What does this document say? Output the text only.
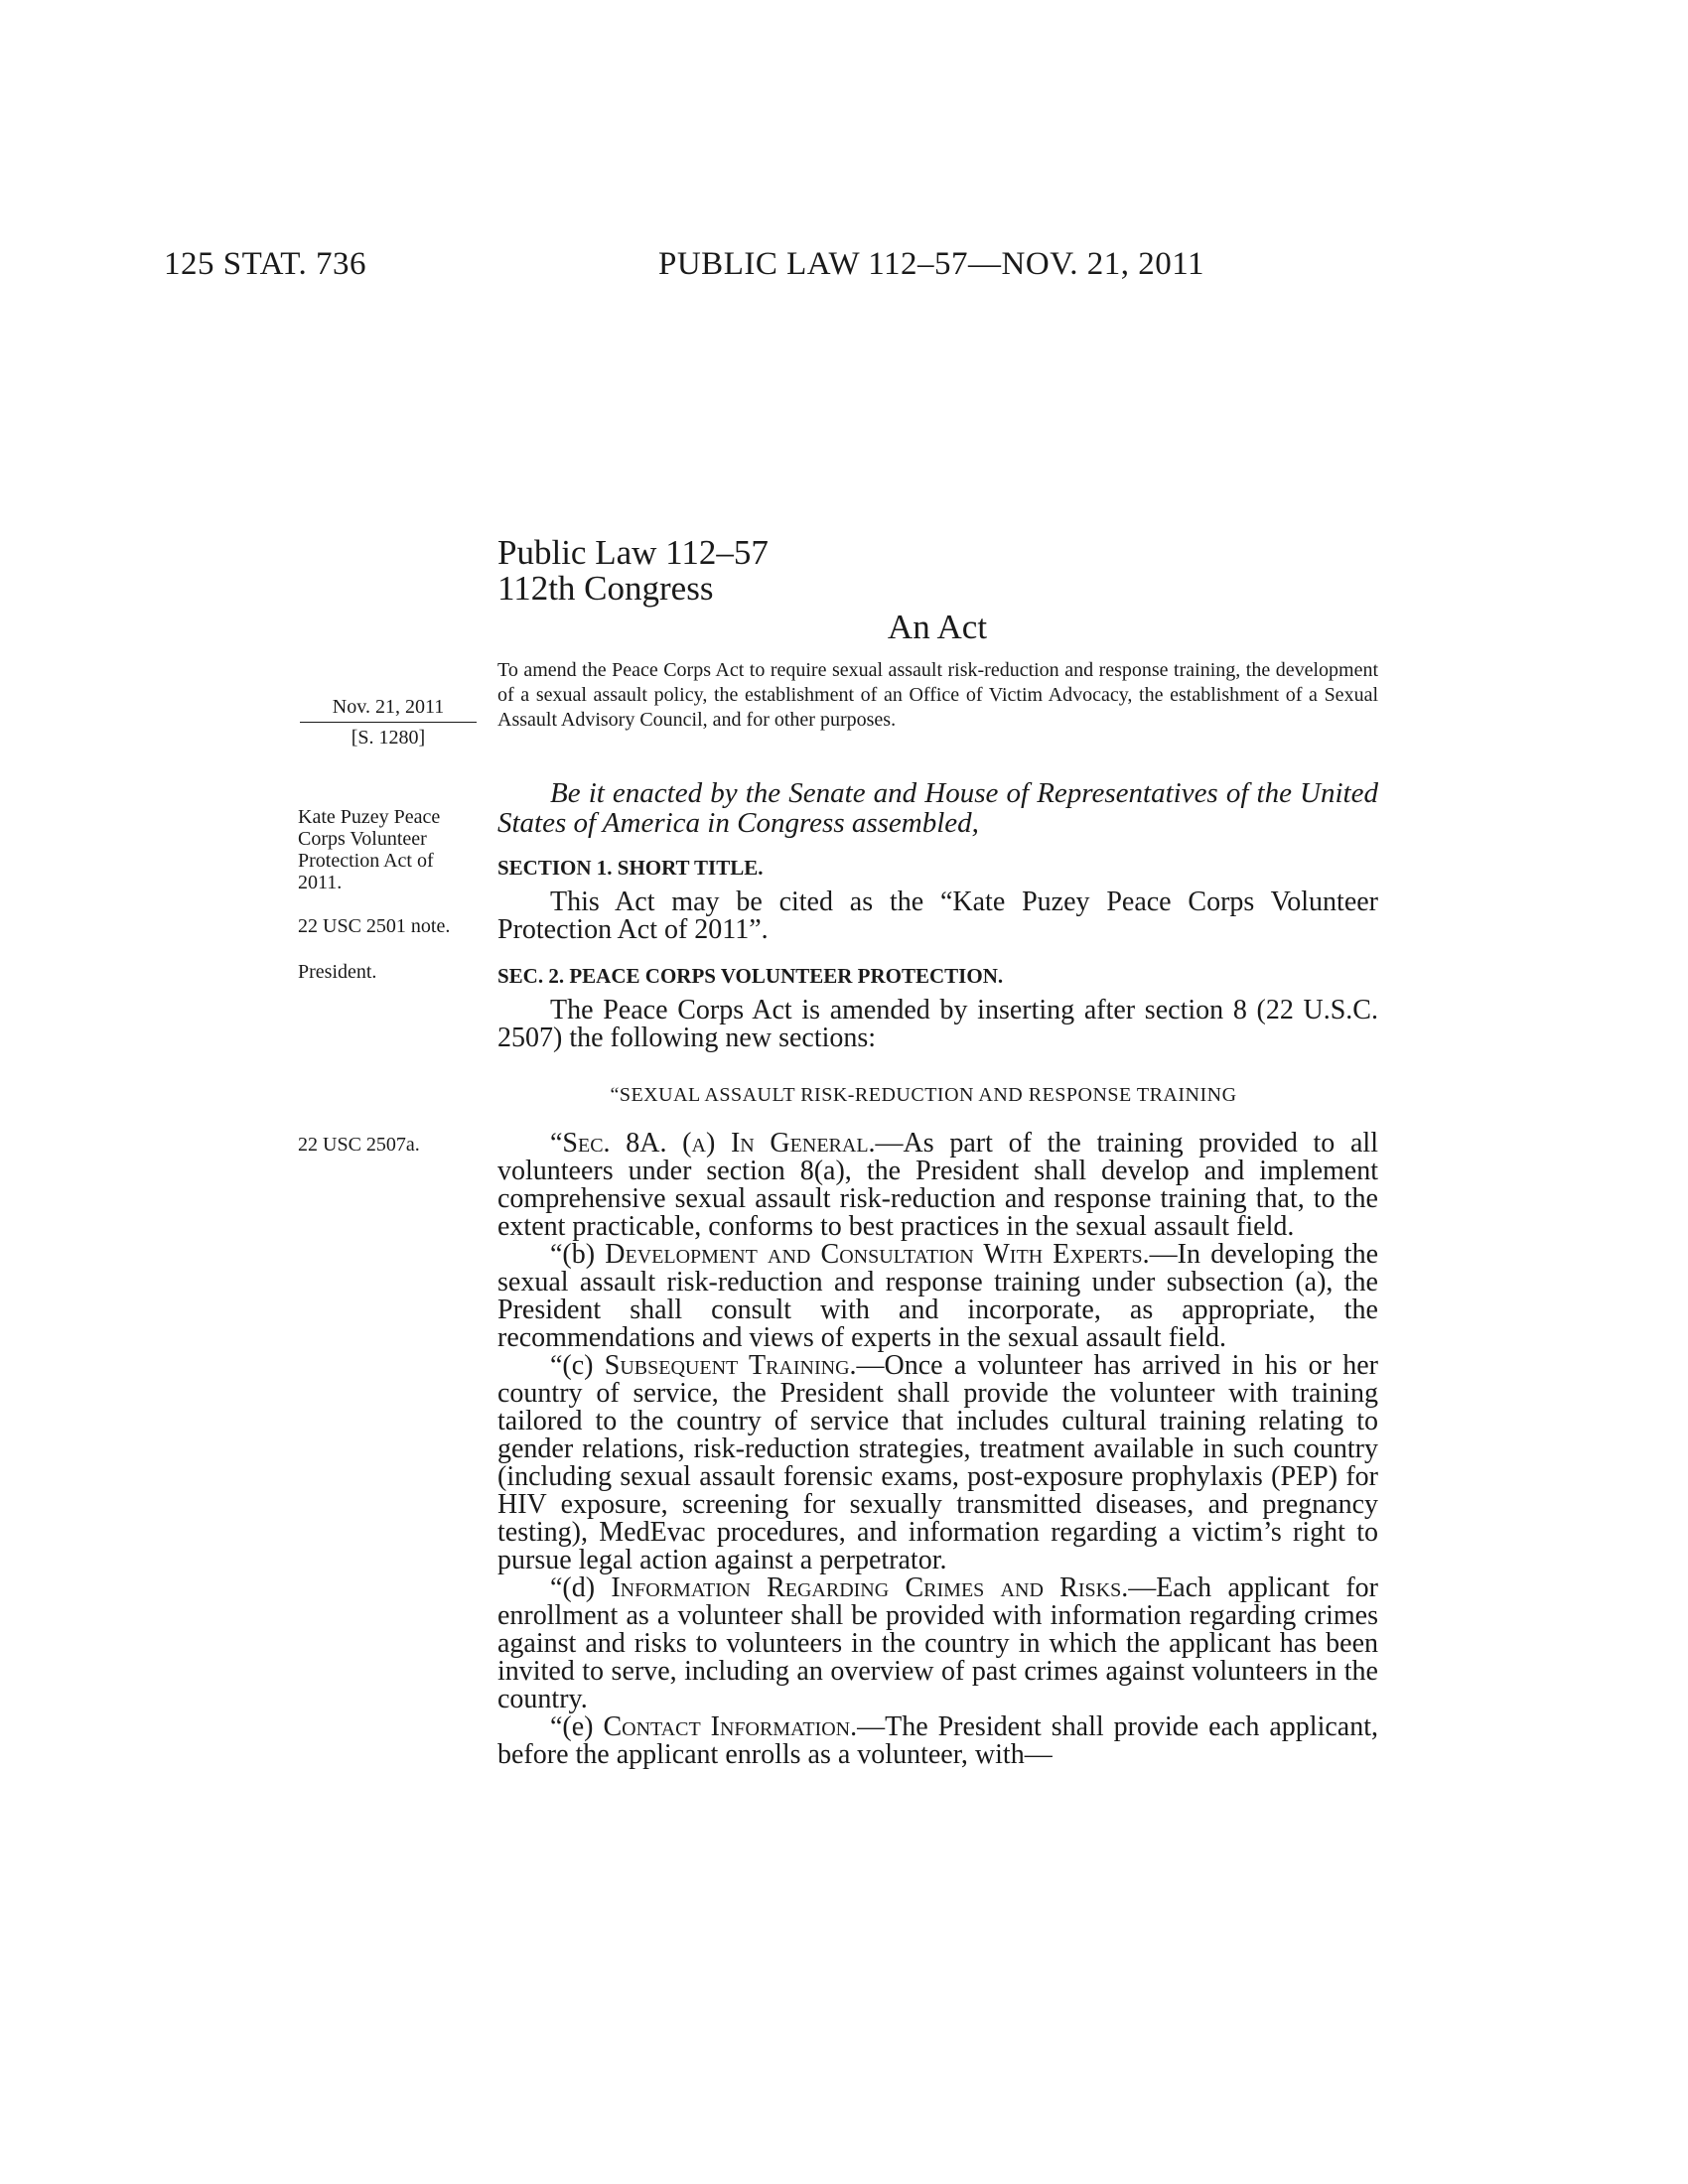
125 STAT. 736	PUBLIC LAW 112–57—NOV. 21, 2011
Public Law 112–57
112th Congress
An Act
Nov. 21, 2011
[S. 1280]
To amend the Peace Corps Act to require sexual assault risk-reduction and response training, the development of a sexual assault policy, the establishment of an Office of Victim Advocacy, the establishment of a Sexual Assault Advisory Council, and for other purposes.
Be it enacted by the Senate and House of Representatives of the United States of America in Congress assembled,
Kate Puzey Peace Corps Volunteer Protection Act of 2011.
22 USC 2501 note.
President.
SECTION 1. SHORT TITLE.
This Act may be cited as the “Kate Puzey Peace Corps Volunteer Protection Act of 2011”.
SEC. 2. PEACE CORPS VOLUNTEER PROTECTION.
The Peace Corps Act is amended by inserting after section 8 (22 U.S.C. 2507) the following new sections:
“SEXUAL ASSAULT RISK-REDUCTION AND RESPONSE TRAINING
22 USC 2507a.	“Sec. 8A. (a) In General.—As part of the training provided to all volunteers under section 8(a), the President shall develop and implement comprehensive sexual assault risk-reduction and response training that, to the extent practicable, conforms to best practices in the sexual assault field.

“(b) Development and Consultation With Experts.—In developing the sexual assault risk-reduction and response training under subsection (a), the President shall consult with and incorporate, as appropriate, the recommendations and views of experts in the sexual assault field.

“(c) Subsequent Training.—Once a volunteer has arrived in his or her country of service, the President shall provide the volunteer with training tailored to the country of service that includes cultural training relating to gender relations, risk-reduction strategies, treatment available in such country (including sexual assault forensic exams, post-exposure prophylaxis (PEP) for HIV exposure, screening for sexually transmitted diseases, and pregnancy testing), MedEvac procedures, and information regarding a victim’s right to pursue legal action against a perpetrator.

“(d) Information Regarding Crimes and Risks.—Each applicant for enrollment as a volunteer shall be provided with information regarding crimes against and risks to volunteers in the country in which the applicant has been invited to serve, including an overview of past crimes against volunteers in the country.

“(e) Contact Information.—The President shall provide each applicant, before the applicant enrolls as a volunteer, with—
